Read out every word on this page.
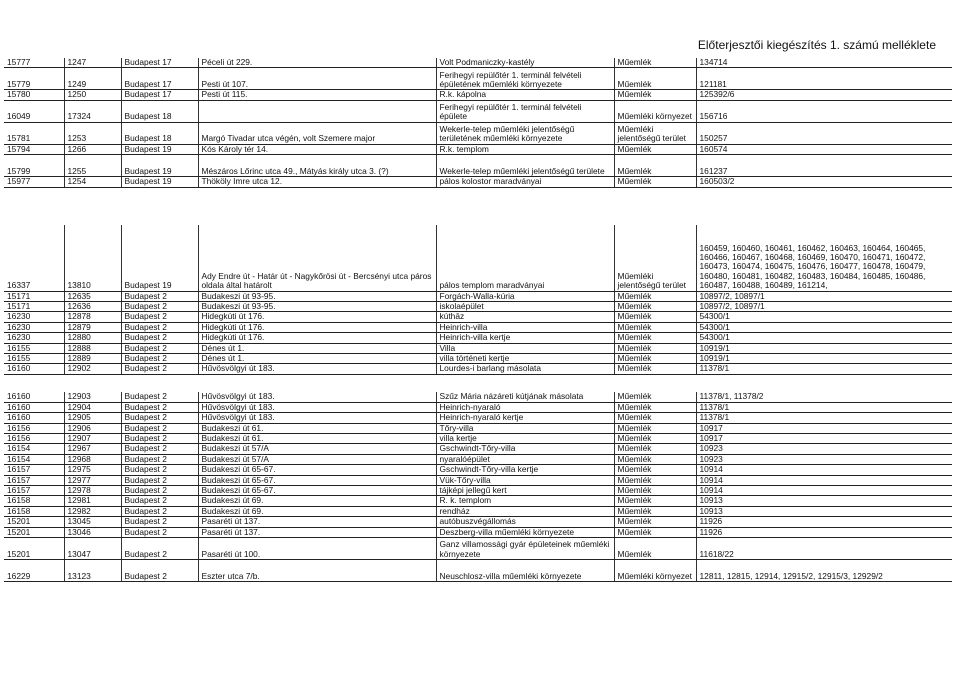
Előterjesztői kiegészítés 1. számú melléklete
15777	1247	Budapest 17	Péceli út 229.	Volt Podmaniczky-kastély	Műemlék	134714
15779	1249	Budapest 17	Pesti út 107.	Ferihegyi repülőtér 1. terminál felvételi épületének műemléki környezete	Műemlék	121181
15780	1250	Budapest 17	Pesti út 115.	R.k. kápolna	Műemlék	125392/6
16049	17324	Budapest 18		Ferihegyi repülőtér 1. terminál felvételi épülete	Műemléki környezet	156716
15781	1253	Budapest 18	Margó Tivadar utca végén, volt Szemere major	Wekerle-telep műemléki jelentőségű területének műemléki környezete	Műemléki jelentőségű terület	150257
15794	1266	Budapest 19	Kós Károly tér 14.	R.k. templom	Műemlék	160574
15799	1255	Budapest 19	Mészáros Lőrinc utca 49., Mátyás király utca 3. (?)	Wekerle-telep műemléki jelentőségű területe	Műemlék	161237
15977	1254	Budapest 19	Thököly Imre utca 12.	pálos kolostor maradványai	Műemlék	160503/2

16337	13810	Budapest 19	Ady Endre út - Határ út - Nagykőrösi út - Bercsényi utca páros oldala által határolt	pálos templom maradványai	Műemléki jelentőségű terület	160459, 160460, 160461, 160462, 160463, 160464, 160465, 160466, 160467, 160468, 160469, 160470, 160471, 160472, 160473, 160474, 160475, 160476, 160477, 160478, 160479, 160480, 160481, 160482, 160483, 160484, 160485, 160486, 160487, 160488, 160489, 161214,
15171	12635	Budapest 2	Budakeszi út 93-95.	Forgách-Walla-kúria	Műemlék	10897/2, 10897/1
15171	12636	Budapest 2	Budakeszi út 93-95.	iskolaépület	Műemlék	10897/2, 10897/1
16230	12878	Budapest 2	Hidegkúti út 176.	kúthāz	Műemlék	54300/1
16230	12879	Budapest 2	Hidegkúti út 176.	Heinrich-villa	Műemlék	54300/1
16230	12880	Budapest 2	Hidegkúti út 176.	Heinrich-villa kertje	Műemlék	54300/1
16155	12888	Budapest 2	Dénes út 1.	Villa	Műemlék	10919/1
16155	12889	Budapest 2	Dénes út 1.	villa történeti kertje	Műemlék	10919/1
16160	12902	Budapest 2	Hűvösvölgyi út 183.	Lourdes-i barlang másolata	Műemlék	11378/1

16160	12903	Budapest 2	Hűvösvölgyi út 183.	Szűz Mária názáreti kútjának másolata	Műemlék	11378/1, 11378/2
16160	12904	Budapest 2	Hűvösvölgyi út 183.	Heinrich-nyaraló	Műemlék	11378/1
16160	12905	Budapest 2	Hűvösvölgyi út 183.	Heinrich-nyaraló kertje	Műemlék	11378/1
16156	12906	Budapest 2	Budakeszi út 61.	Tőry-villa	Műemlék	10917
16156	12907	Budapest 2	Budakeszi út 61.	villa kertje	Műemlék	10917
16154	12967	Budapest 2	Budakeszi út 57/A	Gschwindt-Tőry-villa	Műemlék	10923
16154	12968	Budapest 2	Budakeszi út 57/A	nyaralóépület	Műemlék	10923
16157	12975	Budapest 2	Budakeszi út 65-67.	Gschwindt-Tőry-villa kertje	Műemlék	10914
16157	12977	Budapest 2	Budakeszi út 65-67.	Vük-Tőry-villa	Műemlék	10914
16157	12978	Budapest 2	Budakeszi út 65-67.	tájképi jellegű kert	Műemlék	10914
16158	12981	Budapest 2	Budakeszi út 69.	R. k. templom	Műemlék	10913
16158	12982	Budapest 2	Budakeszi út 69.	rendház	Műemlék	10913
15201	13045	Budapest 2	Pasaréti út 137.	autóbuszvégállomás	Műemlék	11926
15201	13046	Budapest 2	Pasaréti út 137.	Deszberg-villa műemléki környezete	Műemlék	11926
15201	13047	Budapest 2	Pasaréti út 100.	Ganz villamossági gyár épületeinek műemléki környezete	Műemlék	11618/22
16229	13123	Budapest 2	Eszter utca 7/b.	Neuschlosz-villa műemléki környezete	Műemléki környezet	12811, 12815, 12914, 12915/2, 12915/3, 12929/2
